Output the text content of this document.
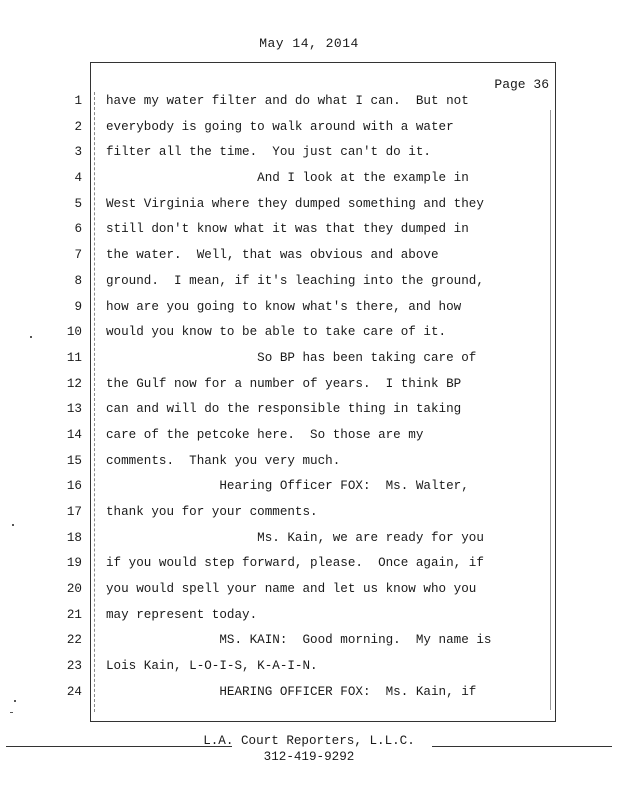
May 14, 2014
Page 36
1 have my water filter and do what I can.  But not
2 everybody is going to walk around with a water
3 filter all the time.  You just can't do it.
4 And I look at the example in
5 West Virginia where they dumped something and they
6 still don't know what it was that they dumped in
7 the water.  Well, that was obvious and above
8 ground.  I mean, if it's leaching into the ground,
9 how are you going to know what's there, and how
10 would you know to be able to take care of it.
11 So BP has been taking care of
12 the Gulf now for a number of years.  I think BP
13 can and will do the responsible thing in taking
14 care of the petcoke here.  So those are my
15 comments.  Thank you very much.
16 Hearing Officer FOX:  Ms. Walter,
17 thank you for your comments.
18 Ms. Kain, we are ready for you
19 if you would step forward, please.  Once again, if
20 you would spell your name and let us know who you
21 may represent today.
22 MS. KAIN:  Good morning.  My name is
23 Lois Kain, L-O-I-S, K-A-I-N.
24 HEARING OFFICER FOX:  Ms. Kain, if
L.A. Court Reporters, L.L.C.
312-419-9292
